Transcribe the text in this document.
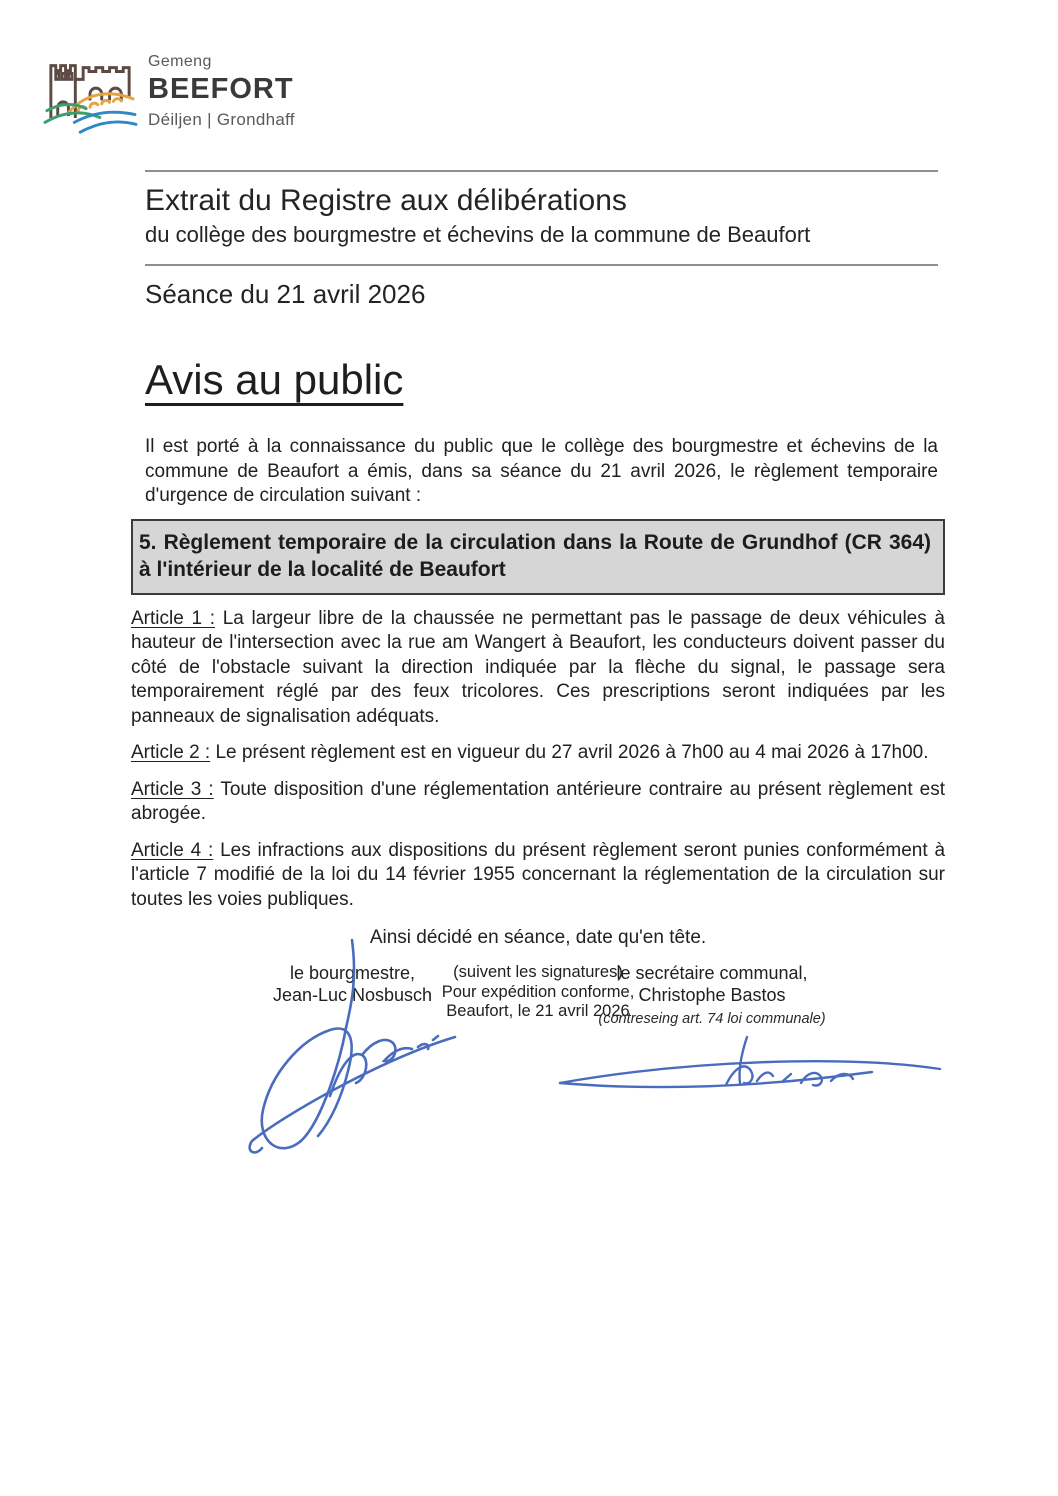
Gemeng
BEEFORT
Déiljen | Grondhaff
Extrait du Registre aux délibérations
du collège des bourgmestre et échevins de la commune de Beaufort
Séance du 21 avril 2026
Avis au public

Il est porté à la connaissance du public que le collège des bourgmestre et échevins de la commune de Beaufort a émis, dans sa séance du 21 avril 2026, le règlement temporaire d'urgence de circulation suivant :

5. Règlement temporaire de la circulation dans la Route de Grundhof (CR 364) à l'intérieur de la localité de Beaufort

Article 1 : La largeur libre de la chaussée ne permettant pas le passage de deux véhicules à hauteur de l'intersection avec la rue am Wangert à Beaufort, les conducteurs doivent passer du côté de l'obstacle suivant la direction indiquée par la flèche du signal, le passage sera temporairement réglé par des feux tricolores. Ces prescriptions seront indiquées par les panneaux de signalisation adéquats.

Article 2 : Le présent règlement est en vigueur du 27 avril 2026 à 7h00 au 4 mai 2026 à 17h00.

Article 3 : Toute disposition d'une réglementation antérieure contraire au présent règlement est abrogée.

Article 4 : Les infractions aux dispositions du présent règlement seront punies conformément à l'article 7 modifié de la loi du 14 février 1955 concernant la réglementation de la circulation sur toutes les voies publiques.

Ainsi décidé en séance, date qu'en tête.
(suivent les signatures)
Pour expédition conforme,
Beaufort, le 21 avril 2026
le bourgmestre,
Jean-Luc Nosbusch
le secrétaire communal,
Christophe Bastos
(contreseing art. 74 loi communale)
